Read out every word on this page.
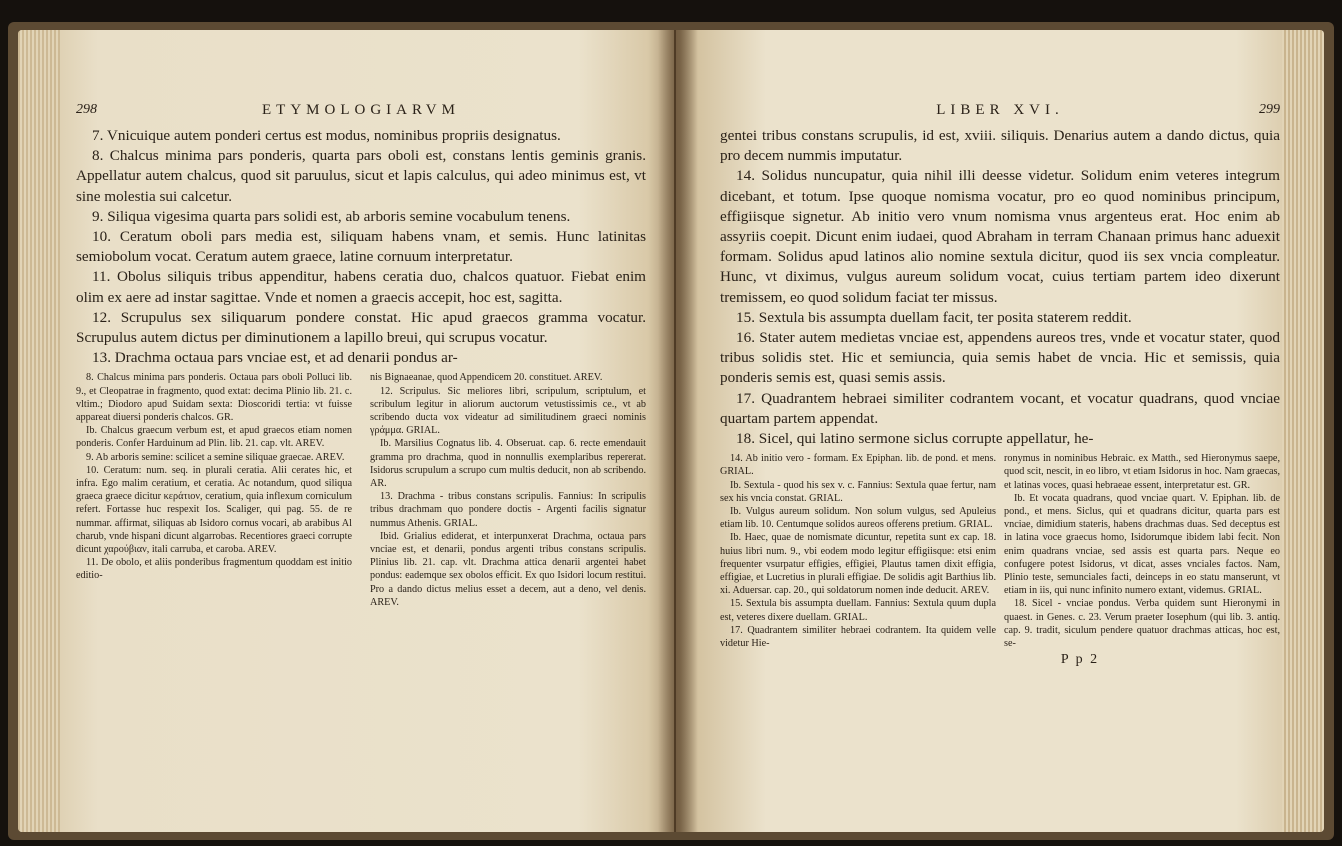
298	ETYMOLOGIARVM

7. Vnicuique autem ponderi certus est modus, nominibus propriis designatus.

8. Chalcus minima pars ponderis, quarta pars oboli est, constans lentis geminis granis. Appellatur autem chalcus, quod sit paruulus, sicut et lapis calculus, qui adeo minimus est, vt sine molestia sui calcetur.

9. Siliqua vigesima quarta pars solidi est, ab arboris semine vocabulum tenens.

10. Ceratum oboli pars media est, siliquam habens vnam, et semis. Hunc latinitas semiobolum vocat. Ceratum autem graece, latine cornuum interpretatur.

11. Obolus siliquis tribus appenditur, habens ceratia duo, chalcos quatuor. Fiebat enim olim ex aere ad instar sagittae. Vnde et nomen a graecis accepit, hoc est, sagitta.

12. Scrupulus sex siliquarum pondere constat. Hic apud graecos gramma vocatur. Scrupulus autem dictus per diminutionem a lapillo breui, qui scrupus vocatur.

13. Drachma octaua pars vnciae est, et ad denarii pondus ar-

8. Chalcus minima pars ponderis. Octaua pars oboli Polluci lib. 9., et Cleopatrae in fragmento, quod extat: decima Plinio lib. 21. c. vltim.; Diodoro apud Suidam sexta: Dioscoridi tertia: vt fuisse appareat diuersi ponderis chalcos. GR.

Ib. Chalcus graecum verbum est, et apud graecos etiam nomen ponderis. Confer Harduinum ad Plin. lib. 21. cap. vlt. AREV.

9. Ab arboris semine: scilicet a semine siliquae graecae. AREV.

10. Ceratum: num. seq. in plurali ceratia. Alii cerates hic, et infra. Ego malim ceratium, et ceratia. Ac notandum, quod siliqua graeca graece dicitur κεράτιον, ceratium, quia inflexum corniculum refert. Fortasse huc respexit Ios. Scaliger, qui pag. 55. de re nummar. affirmat, siliquas ab Isidoro cornus vocari, ab arabibus Al charub, vnde hispani dicunt algarrobas. Recentiores graeci corrupte dicunt χαρούβιαν, itali carruba, et caroba. AREV.

11. De obolo, et aliis ponderibus fragmentum quoddam est initio editio-

nis Bignaeanae, quod Appendicem 20. constituet. AREV.

12. Scripulus. Sic meliores libri, scripulum, scriptulum, et scribulum legitur in aliorum auctorum vetustissimis ce., vt ab scribendo ducta vox videatur ad similitudinem graeci nominis γράμμα. GRIAL.

Ib. Marsilius Cognatus lib. 4. Obseruat. cap. 6. recte emendauit gramma pro drachma, quod in nonnullis exemplaribus repererat. Isidorus scrupulum a scrupo cum multis deducit, non ab scribendo. AR.

13. Drachma - tribus constans scripulis. Fannius: In scripulis tribus drachmam quo pondere doctis - Argenti facilis signatur nummus Athenis. GRIAL.

Ibid. Grialius ediderat, et interpunxerat Drachma, octaua pars vnciae est, et denarii, pondus argenti tribus constans scripulis. Plinius lib. 21. cap. vlt. Drachma attica denarii argentei habet pondus: eademque sex obolos efficit. Ex quo Isidori locum restitui. Pro a dando dictus melius esset a decem, aut a deno, vel denis. AREV.

LIBER XVI.	299

gentei tribus constans scrupulis, id est, xviii. siliquis. Denarius autem a dando dictus, quia pro decem nummis imputatur.

14. Solidus nuncupatur, quia nihil illi deesse videtur. Solidum enim veteres integrum dicebant, et totum. Ipse quoque nomisma vocatur, pro eo quod nominibus principum, effigiisque signetur. Ab initio vero vnum nomisma vnus argenteus erat. Hoc enim ab assyriis coepit. Dicunt enim iudaei, quod Abraham in terram Chanaan primus hanc aduexit formam. Solidus apud latinos alio nomine sextula dicitur, quod iis sex vncia compleatur. Hunc, vt diximus, vulgus aureum solidum vocat, cuius tertiam partem ideo dixerunt tremissem, eo quod solidum faciat ter missus.

15. Sextula bis assumpta duellam facit, ter posita staterem reddit.

16. Stater autem medietas vnciae est, appendens aureos tres, vnde et vocatur stater, quod tribus solidis stet. Hic et semiuncia, quia semis habet de vncia. Hic et semissis, quia ponderis semis est, quasi semis assis.

17. Quadrantem hebraei similiter codrantem vocant, et vocatur quadrans, quod vnciae quartam partem appendat.

18. Sicel, qui latino sermone siclus corrupte appellatur, he-

14. Ab initio vero - formam. Ex Epiphan. lib. de pond. et mens. GRIAL.

Ib. Sextula - quod his sex v. c. Fannius: Sextula quae fertur, nam sex his vncia constat. GRIAL.

Ib. Vulgus aureum solidum. Non solum vulgus, sed Apuleius etiam lib. 10. Centumque solidos aureos offerens pretium. GRIAL.

Ib. Haec, quae de nomismate dicuntur, repetita sunt ex cap. 18. huius libri num. 9., vbi eodem modo legitur effigiisque: etsi enim frequenter vsurpatur effigies, effigiei, Plautus tamen dixit effigia, effigiae, et Lucretius in plurali effigiae. De solidis agit Barthius lib. xi. Aduersar. cap. 20., qui soldatorum nomen inde deducit. AREV.

15. Sextula bis assumpta duellam. Fannius: Sextula quum dupla est, veteres dixere duellam. GRIAL.

17. Quadrantem similiter hebraei codrantem. Ita quidem velle videtur Hie-

ronymus in nominibus Hebraic. ex Matth., sed Hieronymus saepe, quod scit, nescit, in eo libro, vt etiam Isidorus in hoc. Nam graecas, et latinas voces, quasi hebraeae essent, interpretatur est. GR.

Ib. Et vocata quadrans, quod vnciae quart. V. Epiphan. lib. de pond., et mens. Siclus, qui et quadrans dicitur, quarta pars est vnciae, dimidium stateris, habens drachmas duas. Sed deceptus est in latina voce graecus homo, Isidorumque ibidem labi fecit. Non enim quadrans vnciae, sed assis est quarta pars. Neque eo confugere potest Isidorus, vt dicat, asses vnciales factos. Nam, Plinio teste, semunciales facti, deinceps in eo statu manserunt, vt etiam in iis, qui nunc infinito numero extant, videmus. GRIAL.

18. Sicel - vnciae pondus. Verba quidem sunt Hieronymi in quaest. in Genes. c. 23. Verum praeter Iosephum (qui lib. 3. antiq. cap. 9. tradit, siculum pendere quatuor drachmas atticas, hoc est, se-

P p 2
